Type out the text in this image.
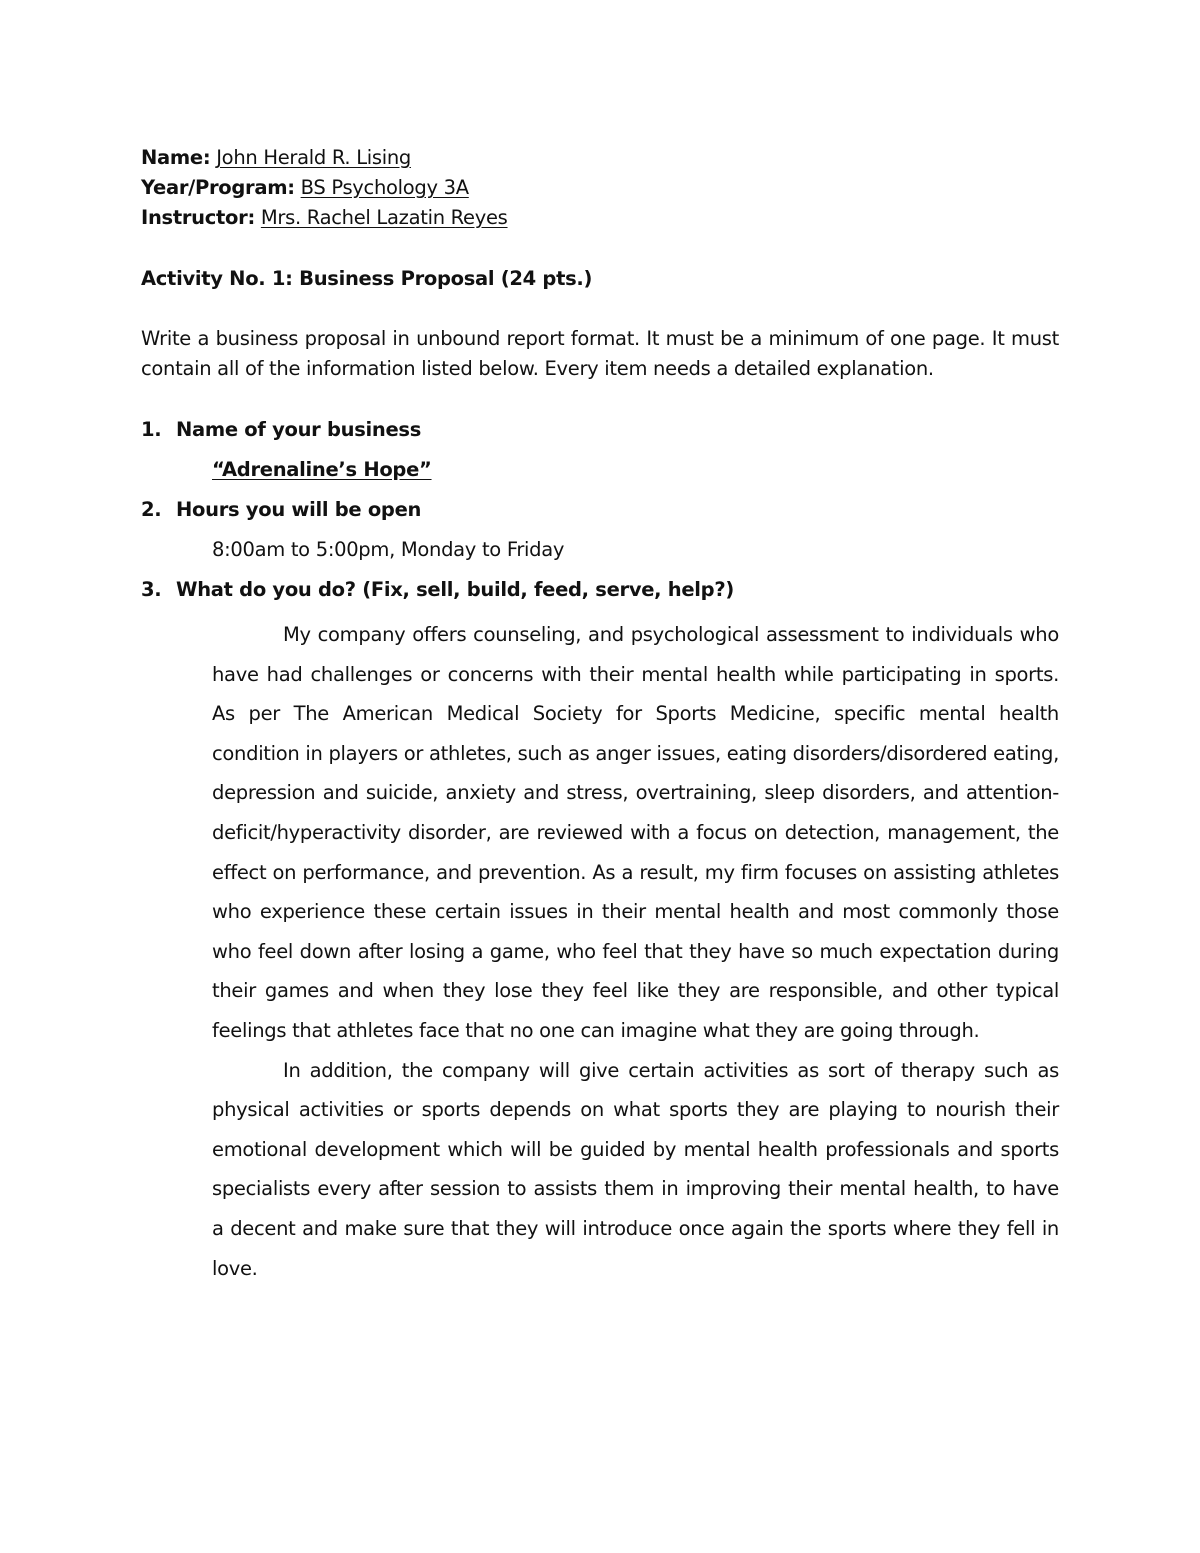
Name: John Herald R. Lising
Year/Program: BS Psychology 3A
Instructor: Mrs. Rachel Lazatin Reyes
Activity No. 1: Business Proposal (24 pts.)
Write a business proposal in unbound report format. It must be a minimum of one page. It must contain all of the information listed below. Every item needs a detailed explanation.
1. Name of your business
“Adrenaline’s Hope”
2. Hours you will be open
8:00am to 5:00pm, Monday to Friday
3. What do you do? (Fix, sell, build, feed, serve, help?)

My company offers counseling, and psychological assessment to individuals who have had challenges or concerns with their mental health while participating in sports. As per The American Medical Society for Sports Medicine, specific mental health condition in players or athletes, such as anger issues, eating disorders/disordered eating, depression and suicide, anxiety and stress, overtraining, sleep disorders, and attention-deficit/hyperactivity disorder, are reviewed with a focus on detection, management, the effect on performance, and prevention. As a result, my firm focuses on assisting athletes who experience these certain issues in their mental health and most commonly those who feel down after losing a game, who feel that they have so much expectation during their games and when they lose they feel like they are responsible, and other typical feelings that athletes face that no one can imagine what they are going through.

In addition, the company will give certain activities as sort of therapy such as physical activities or sports depends on what sports they are playing to nourish their emotional development which will be guided by mental health professionals and sports specialists every after session to assists them in improving their mental health, to have a decent and make sure that they will introduce once again the sports where they fell in love.
